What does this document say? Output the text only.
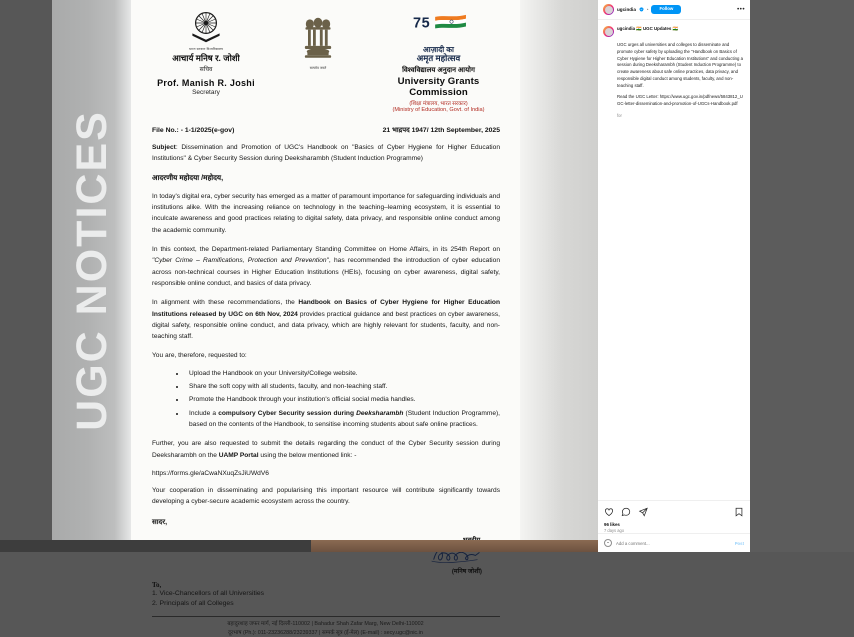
UGC NOTICES
भारत सरकार विश्वविद्यालय
आचार्य मनिष र. जोशी
सचिव
Prof. Manish R. Joshi
Secretary
सत्यमेव जयते
7 5
आज़ादी का
अमृत महोत्सव
विश्वविद्यालय अनुदान आयोग
University Grants Commission
(शिक्षा मंत्रालय, भारत सरकार)
(Ministry of Education, Govt. of India)
File No.: - 1-1/2025(e-gov)	21 भाद्रपद 1947/ 12th September, 2025
Subject: Dissemination and Promotion of UGC's Handbook on "Basics of Cyber Hygiene for Higher Education Institutions" & Cyber Security Session during Deeksharambh (Student Induction Programme)
आदरणीय महोदया /महोदय,

In today's digital era, cyber security has emerged as a matter of paramount importance for safeguarding individuals and institutions alike. With the increasing reliance on technology in the teaching–learning ecosystem, it is essential to inculcate awareness and good practices relating to digital safety, data privacy, and responsible online conduct among the academic community.

In this context, the Department-related Parliamentary Standing Committee on Home Affairs, in its 254th Report on "Cyber Crime – Ramifications, Protection and Prevention", has recommended the introduction of cyber education across non-technical courses in Higher Education Institutions (HEIs), focusing on cyber awareness, digital safety, responsible online conduct, and basics of data privacy.

In alignment with these recommendations, the Handbook on Basics of Cyber Hygiene for Higher Education Institutions released by UGC on 6th Nov, 2024 provides practical guidance and best practices on cyber awareness, digital safety, responsible online conduct, and data privacy, which are highly relevant for students, faculty, and non-teaching staff.

You are, therefore, requested to:

• Upload the Handbook on your University/College website.
• Share the soft copy with all students, faculty, and non-teaching staff.
• Promote the Handbook through your institution's official social media handles.
• Include a compulsory Cyber Security session during Deeksharambh (Student Induction Programme), based on the contents of the Handbook, to sensitise incoming students about safe online practices.

Further, you are also requested to submit the details regarding the conduct of the Cyber Security session during Deeksharambh on the UAMP Portal using the below mentioned link: -

https://forms.gle/aCwaNXuqZsJiUWdV6

Your cooperation in disseminating and popularising this important resource will contribute significantly towards developing a cyber-secure academic ecosystem across the country.

सादर,
(मनिष जोशी)
To,
1. Vice-Chancellors of all Universities
2. Principals of all Colleges
बहादुरशाह जफर मार्ग, नई दिल्ली-110002 | Bahadur Shah Zafar Marg, New Delhi-110002
दूरभाष (Ph.): 011-23236288/23239337 | सम्पर्क सूत्र (ई-मेल) (E-mail) : secy.ugc@nic.in
ugcindia	•	Follow	•••
ugcindia 🇮🇳 UGC Updates 🇮🇳

UGC urges all universities and colleges to disseminate and promote cyber safety by uploading the "Handbook on Basics of Cyber Hygiene for Higher Education Institutions" and conducting a session during Deeksharambh (Student Induction Programme) to create awareness about safe online practices, data privacy, and responsible digital conduct among students, faculty, and non-teaching staff.

Read the UGC Letter: https://www.ugc.gov.in/pdfnews/5843812_UGC-letter-dissemination-and-promotion-of-UGCs-Handbook.pdf

for
96 likes
7 days ago
Add a comment...
Post
